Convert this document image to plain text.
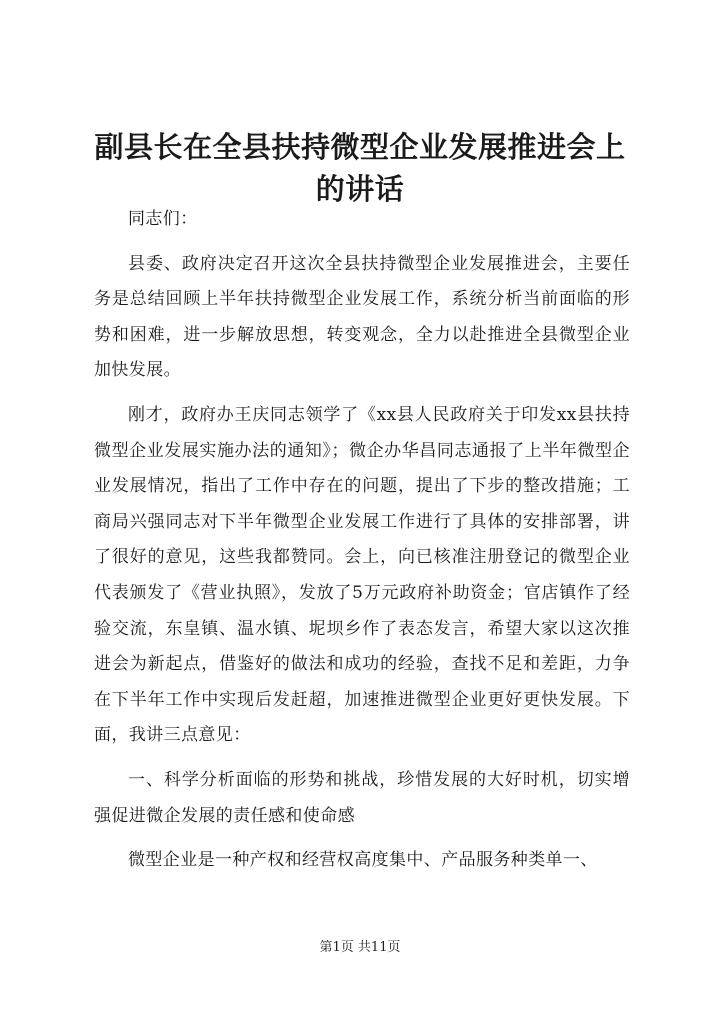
副县长在全县扶持微型企业发展推进会上的讲话

同志们：

县委、政府决定召开这次全县扶持微型企业发展推进会，主要任务是总结回顾上半年扶持微型企业发展工作，系统分析当前面临的形势和困难，进一步解放思想，转变观念，全力以赴推进全县微型企业加快发展。

刚才，政府办王庆同志领学了《xx县人民政府关于印发xx县扶持微型企业发展实施办法的通知》；微企办华昌同志通报了上半年微型企业发展情况，指出了工作中存在的问题，提出了下步的整改措施；工商局兴强同志对下半年微型企业发展工作进行了具体的安排部署，讲了很好的意见，这些我都赞同。会上，向已核准注册登记的微型企业代表颁发了《营业执照》，发放了5万元政府补助资金；官店镇作了经验交流，东皇镇、温水镇、坭坝乡作了表态发言，希望大家以这次推进会为新起点，借鉴好的做法和成功的经验，查找不足和差距，力争在下半年工作中实现后发赶超，加速推进微型企业更好更快发展。下面，我讲三点意见：

一、科学分析面临的形势和挑战，珍惜发展的大好时机，切实增强促进微企发展的责任感和使命感

微型企业是一种产权和经营权高度集中、产品服务种类单一、

第1页 共11页
